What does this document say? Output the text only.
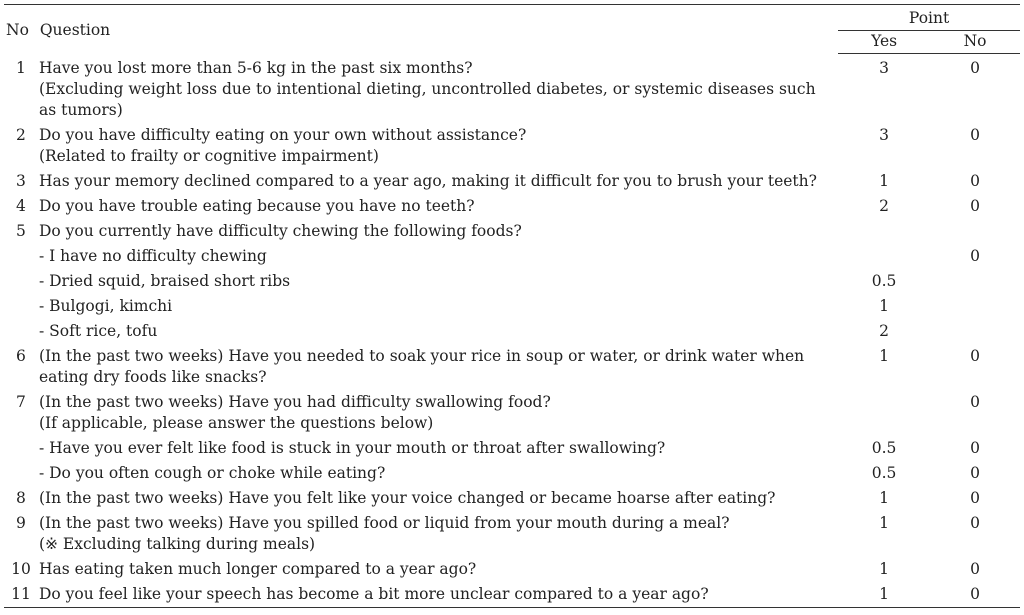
No Question		Point	
		Yes	No
1	Have you lost more than 5-6 kg in the past six months?
(Excluding weight loss due to intentional dieting, uncontrolled diabetes, or systemic diseases such
as tumors)	3	0
2	Do you have difficulty eating on your own without assistance?
(Related to frailty or cognitive impairment)	3	0
3	Has your memory declined compared to a year ago, making it difficult for you to brush your teeth?	1	0
4	Do you have trouble eating because you have no teeth?	2	0
5	Do you currently have difficulty chewing the following foods?		

	- I have no difficulty chewing		0

	- Dried squid, braised short ribs	0.5	

	- Bulgogi, kimchi	1	

	- Soft rice, tofu	2	
6	(In the past two weeks) Have you needed to soak your rice in soup or water, or drink water when
eating dry foods like snacks?	1	0
7	(In the past two weeks) Have you had difficulty swallowing food?
(If applicable, please answer the questions below)		0

	- Have you ever felt like food is stuck in your mouth or throat after swallowing?	0.5	0

	- Do you often cough or choke while eating?	0.5	0
8	(In the past two weeks) Have you felt like your voice changed or became hoarse after eating?	1	0
9	(In the past two weeks) Have you spilled food or liquid from your mouth during a meal?
(※ Excluding talking during meals)	1	0
10	Has eating taken much longer compared to a year ago?	1	0
11	Do you feel like your speech has become a bit more unclear compared to a year ago?	1	0
